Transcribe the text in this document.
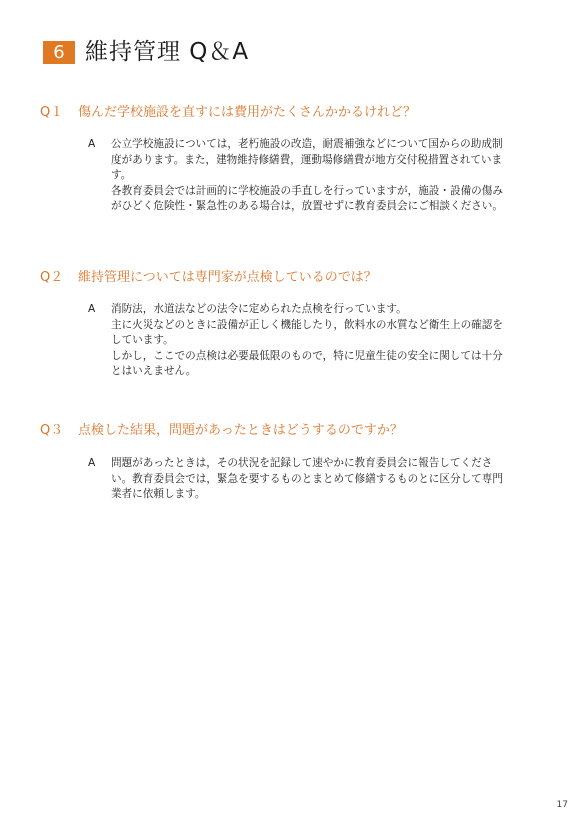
6 維持管理 Q＆A
Q１	傷んだ学校施設を直すには費用がたくさんかかるけれど？
A	公立学校施設については，老朽施設の改造，耐震補強などについて国からの助成制度があります。また，建物維持修繕費，運動場修繕費が地方交付税措置されています。

各教育委員会では計画的に学校施設の手直しを行っていますが，施設・設備の傷みがひどく危険性・緊急性のある場合は，放置せずに教育委員会にご相談ください。

Q２	維持管理については専門家が点検しているのでは？
A	消防法，水道法などの法令に定められた点検を行っています。

主に火災などのときに設備が正しく機能したり，飲料水の水質など衛生上の確認をしています。

しかし，ここでの点検は必要最低限のもので，特に児童生徒の安全に関しては十分とはいえません。

Q３	点検した結果，問題があったときはどうするのですか？
A	問題があったときは，その状況を記録して速やかに教育委員会に報告してください。教育委員会では，緊急を要するものとまとめて修繕するものとに区分して専門業者に依頼します。

17
